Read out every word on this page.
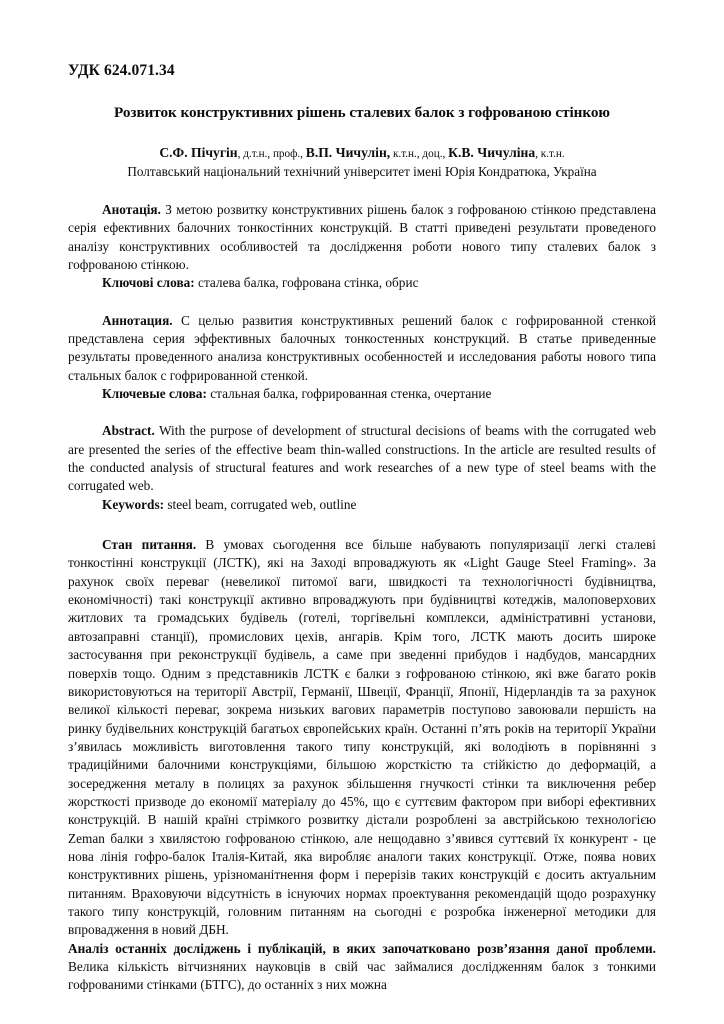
УДК 624.071.34
Розвиток конструктивних рішень сталевих балок з гофрованою стінкою
С.Ф. Пічугін, д.т.н., проф., В.П. Чичулін, к.т.н., доц., К.В. Чичуліна, к.т.н.
Полтавський національний технічний університет імені Юрія Кондратюка, Україна

Анотація. З метою розвитку конструктивних рішень балок з гофрованою стінкою представлена серія ефективних балочних тонкостінних конструкцій. В статті приведені результати проведеного аналізу конструктивних особливостей та дослідження роботи нового типу сталевих балок з гофрованою стінкою.

Ключові слова: сталева балка, гофрована стінка, обрис

Аннотация. С целью развития конструктивных решений балок с гофрированной стенкой представлена серия эффективных балочных тонкостенных конструкций. В статье приведенные результаты проведенного анализа конструктивных особенностей и исследования работы нового типа стальных балок с гофрированной стенкой.

Ключевые слова: стальная балка, гофрированная стенка, очертание

Abstract. With the purpose of development of structural decisions of beams with the corrugated web are presented the series of the effective beam thin-walled constructions. In the article are resulted results of the conducted analysis of structural features and work researches of a new type of steel beams with the corrugated web.

Keywords: steel beam, corrugated web, outline

Стан питання. В умовах сьогодення все більше набувають популяризації легкі сталеві тонкостінні конструкції (ЛСТК), які на Заході впроваджують як «Light Gauge Steel Framing». За рахунок своїх переваг (невеликої питомої ваги, швидкості та технологічності будівництва, економічності) такі конструкції активно впроваджують при будівництві котеджів, малоповерхових житлових та громадських будівель (готелі, торгівельні комплекси, адміністративні установи, автозаправні станції), промислових цехів, ангарів. Крім того, ЛСТК мають досить широке застосування при реконструкції будівель, а саме при зведенні прибудов і надбудов, мансардних поверхів тощо. Одним з представників ЛСТК є балки з гофрованою стінкою, які вже багато років використовуються на території Австрії, Германії, Швеції, Франції, Японії, Нідерландів та за рахунок великої кількості переваг, зокрема низьких вагових параметрів поступово завоювали першість на ринку будівельних конструкцій багатьох європейських країн. Останні п’ять років на території України з’явилась можливість виготовлення такого типу конструкцій, які володіють в порівнянні з традиційними балочними конструкціями, більшою жорсткістю та стійкістю до деформацій, а зосередження металу в полицях за рахунок збільшення гнучкості стінки та виключення ребер жорсткості призводе до економії матеріалу до 45%, що є суттєвим фактором при виборі ефективних конструкцій. В нашій країні стрімкого розвитку дістали розроблені за австрійською технологією Zeman балки з хвилястою гофрованою стінкою, але нещодавно з’явився суттєвий їх конкурент - це нова лінія гофро-балок Італія-Китай, яка виробляє аналоги таких конструкції. Отже, поява нових конструктивних рішень, урізноманітнення форм і перерізів таких конструкцій є досить актуальним питанням. Враховуючи відсутність в існуючих нормах проектування рекомендацій щодо розрахунку такого типу конструкцій, головним питанням на сьогодні є розробка інженерної методики для впровадження в новий ДБН.

Аналіз останніх досліджень і публікацій, в яких започатковано розв’язання даної проблеми. Велика кількість вітчизняних науковців в свій час займалися дослідженням балок з тонкими гофрованими стінками (БТГС), до останніх з них можна
